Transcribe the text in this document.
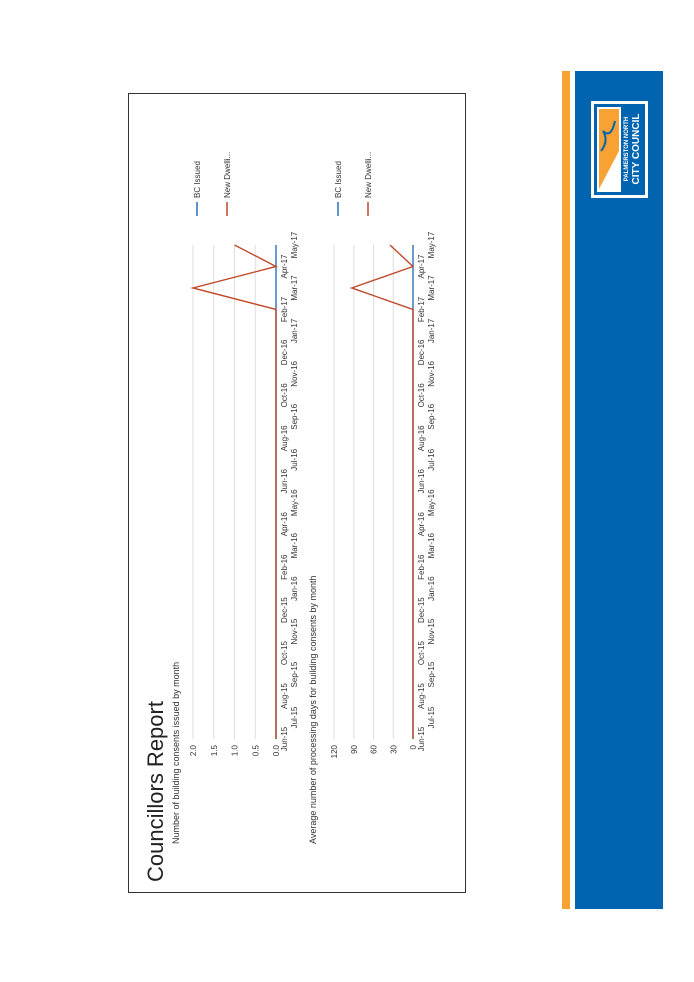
Councillors Report Number of building consents issued by month	0.0
0.5
1.0
1.5
2.0	Jun-15
Jul-15
Aug-15
Sep-15
Oct-15
Nov-15
Dec-15
Jan-16
Feb-16
Mar-16
Apr-16
May-16
Jun-16
Jul-16
Aug-16
Sep-16
Oct-16
Nov-16
Dec-16
Jan-17
Feb-17
Mar-17
Apr-17
May-17
BC Issued	New Dwelli...
Average number of processing days for building consents by month	0
30
60
90
120
Jun-15
Jul-15
Aug-15
Sep-15
Oct-15
Nov-15
Dec-15
Jan-16
Feb-16
Mar-16
Apr-16
May-16
Jun-16
Jul-16
Aug-16
Sep-16
Oct-16
Nov-16
Dec-16
Jan-17
Feb-17
Mar-17
Apr-17
May-17
BC Issued	New Dwelli...	PALMERSTON NORTH CITY COUNCIL
